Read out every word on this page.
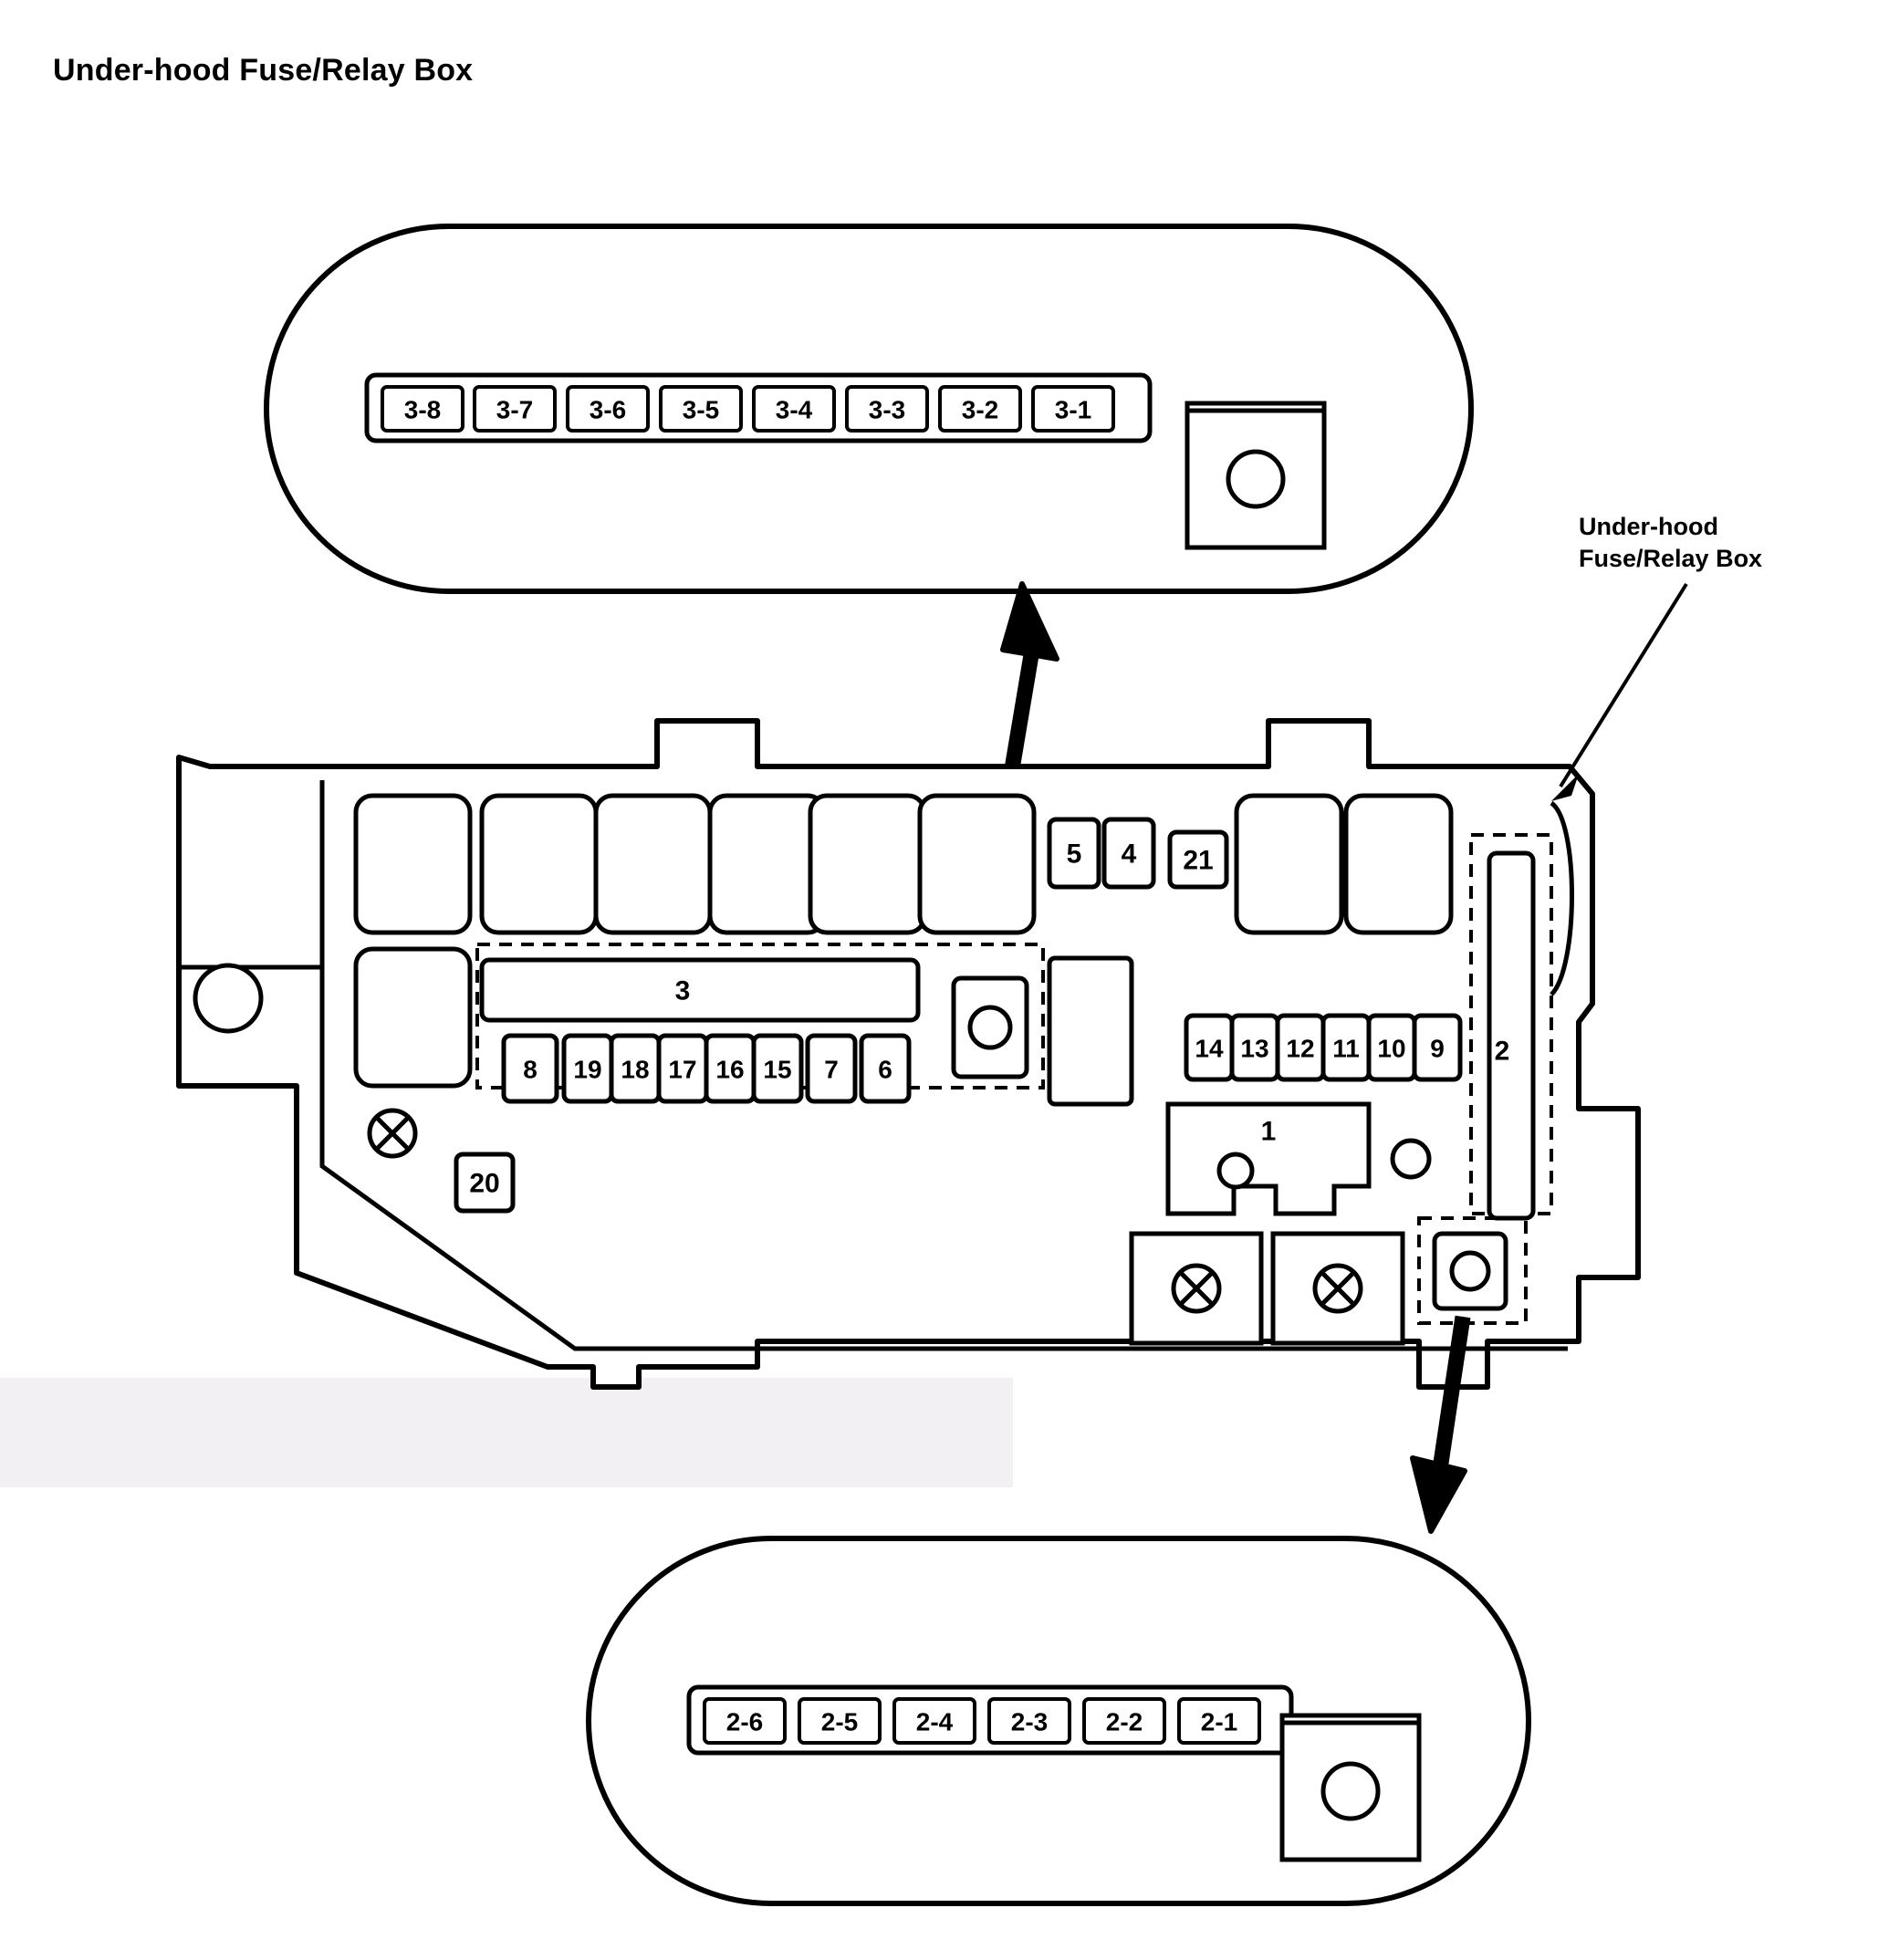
Under-hood Fuse/Relay Box
Under-hood
Fuse/Relay Box
3-8 3-7 3-6 3-5 3-4 3-3 3-2 3-1
5 4 21
3
8 19 18 17 16 15 7 6
14 13 12 11 10 9 2
1
20
2-6 2-5 2-4 2-3 2-2 2-1
